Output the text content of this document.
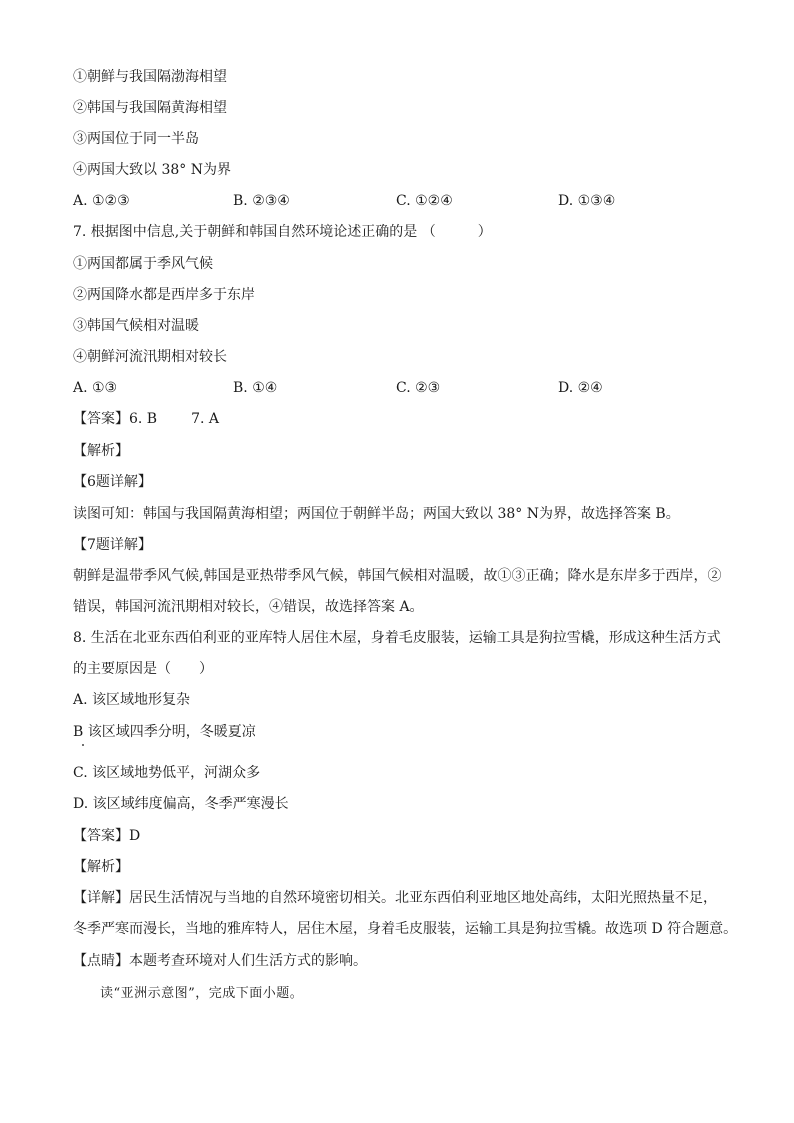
①朝鲜与我国隔渤海相望
②韩国与我国隔黄海相望
③两国位于同一半岛
④两国大致以 38° N为界
A. ①②③	B. ②③④	C. ①②④	D. ①③④
7. 根据图中信息,关于朝鲜和韩国自然环境论述正确的是 （　　　）
①两国都属于季风气候
②两国降水都是西岸多于东岸
③韩国气候相对温暖
④朝鲜河流汛期相对较长
A. ①③	B. ①④	C. ②③	D. ②④
【答案】6. B 7. A
【解析】
【6题详解】
读图可知：韩国与我国隔黄海相望；两国位于朝鲜半岛；两国大致以 38° N为界，故选择答案 B。
【7题详解】
朝鲜是温带季风气候,韩国是亚热带季风气候，韩国气候相对温暖，故①③正确；降水是东岸多于西岸，②
错误，韩国河流汛期相对较长，④错误，故选择答案 A。
8. 生活在北亚东西伯利亚的亚库特人居住木屋，身着毛皮服装，运输工具是狗拉雪橇，形成这种生活方式
的主要原因是（　　）
A. 该区域地形复杂
B 该区域四季分明，冬暖夏凉
C. 该区域地势低平，河湖众多
D. 该区域纬度偏高，冬季严寒漫长
【答案】D
【解析】
【详解】居民生活情况与当地的自然环境密切相关。北亚东西伯利亚地区地处高纬，太阳光照热量不足，
冬季严寒而漫长，当地的雅库特人，居住木屋，身着毛皮服装，运输工具是狗拉雪橇。故选项 D 符合题意。
【点睛】本题考查环境对人们生活方式的影响。
读“亚洲示意图”，完成下面小题。
